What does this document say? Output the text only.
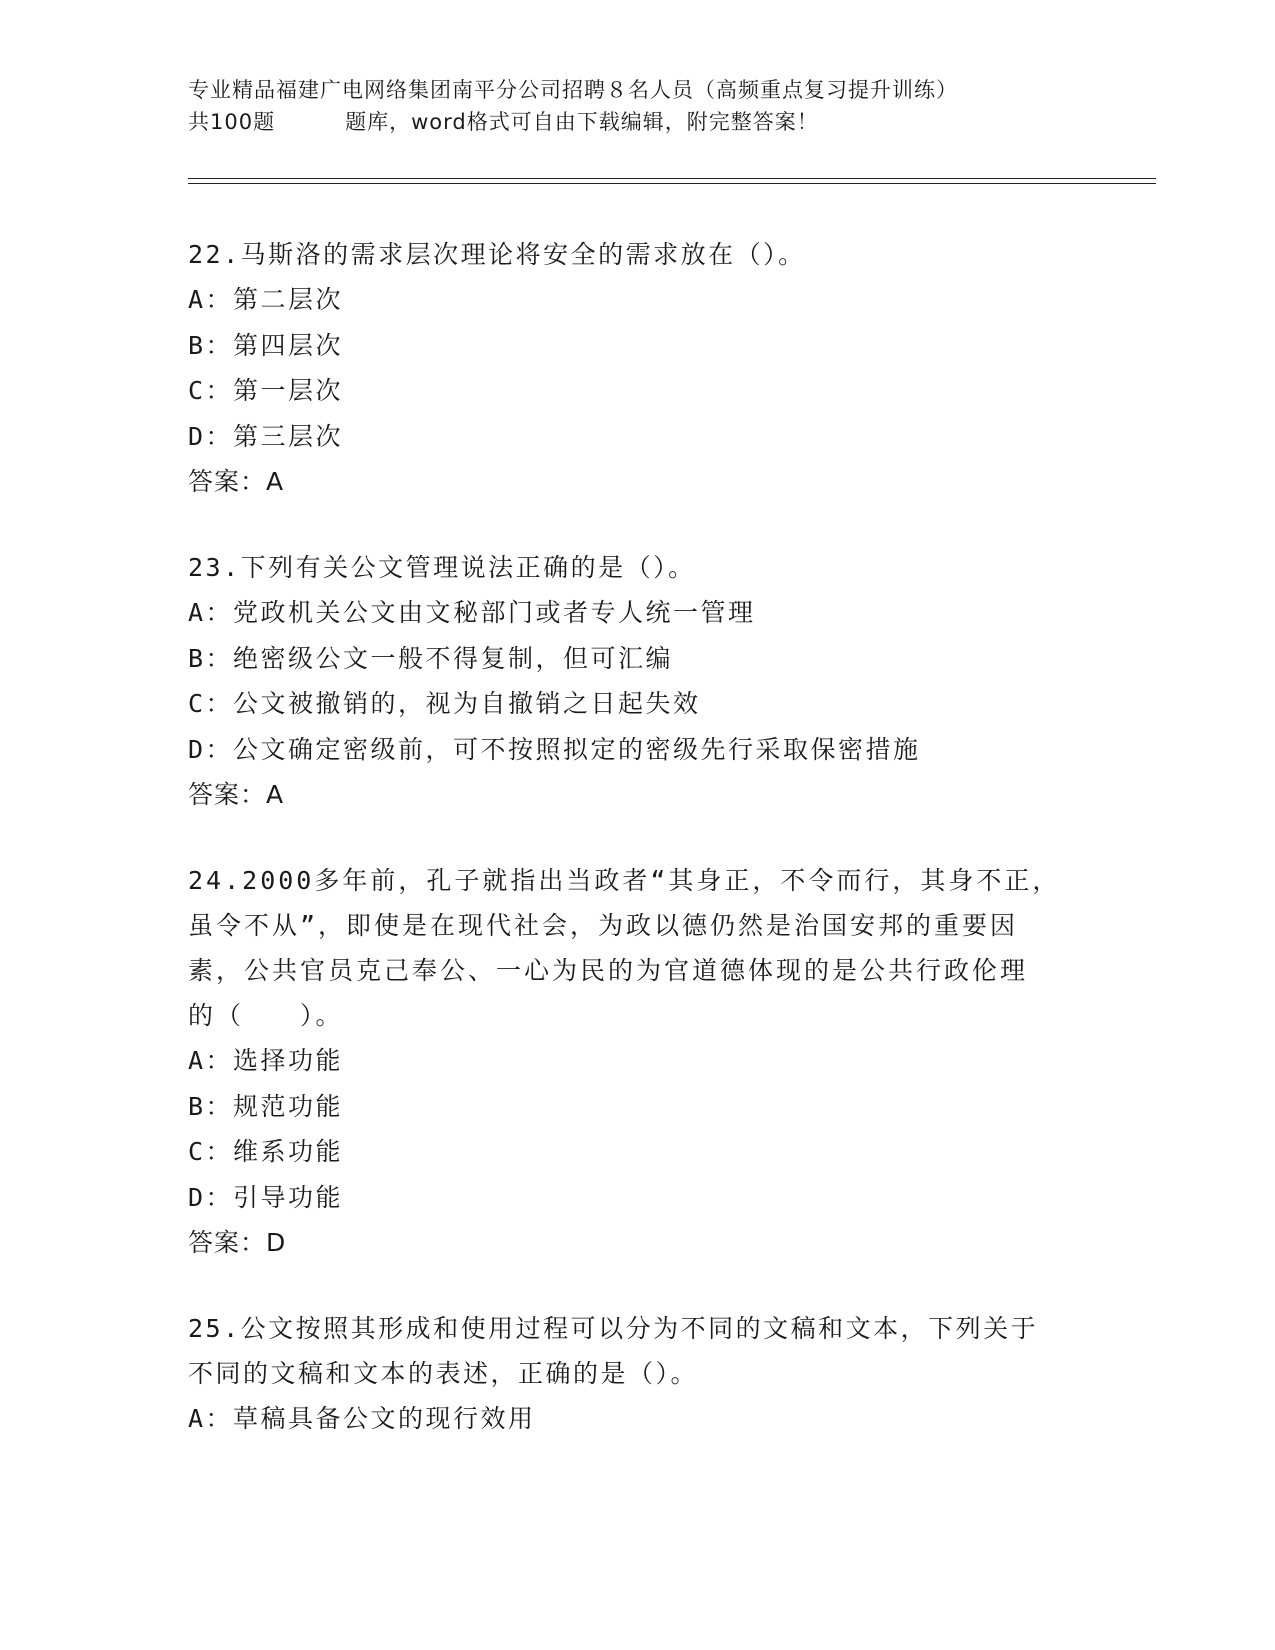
专业精品福建广电网络集团南平分公司招聘８名人员（高频重点复习提升训练）
共100题	题库，word格式可自由下载编辑，附完整答案！
22.马斯洛的需求层次理论将安全的需求放在（）。
A：第二层次
B：第四层次
C：第一层次
D：第三层次
答案：A
23.下列有关公文管理说法正确的是（）。
A：党政机关公文由文秘部门或者专人统一管理
B：绝密级公文一般不得复制，但可汇编
C：公文被撤销的，视为自撤销之日起失效
D：公文确定密级前，可不按照拟定的密级先行采取保密措施
答案：A
24.2000多年前，孔子就指出当政者“其身正，不令而行，其身不正，
虽令不从”，即使是在现代社会，为政以德仍然是治国安邦的重要因
素，公共官员克己奉公、一心为民的为官道德体现的是公共行政伦理
的（　　）。
A：选择功能
B：规范功能
C：维系功能
D：引导功能
答案：D
25.公文按照其形成和使用过程可以分为不同的文稿和文本，下列关于
不同的文稿和文本的表述，正确的是（）。
A：草稿具备公文的现行效用
